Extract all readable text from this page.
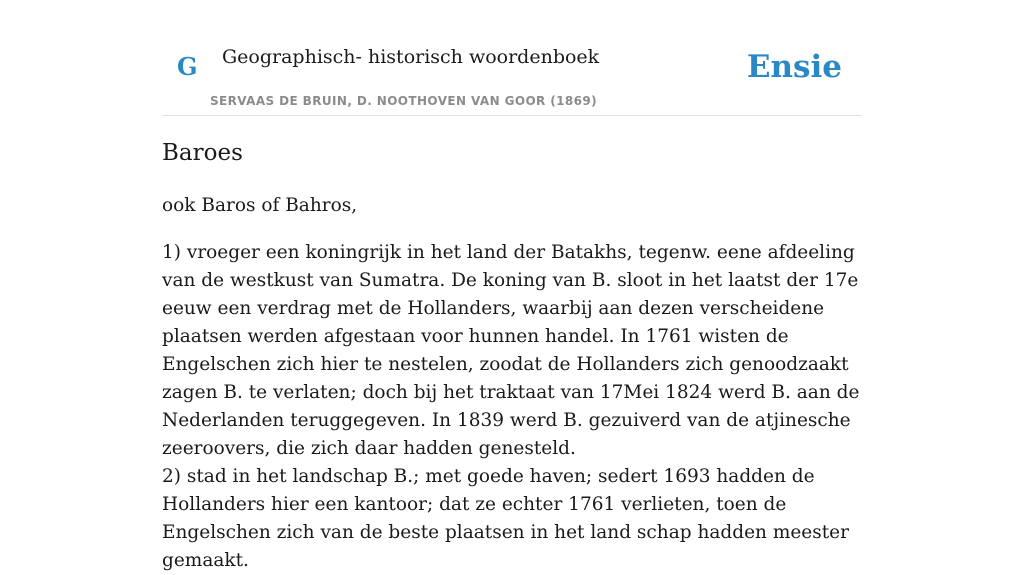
G Geographisch- historisch woordenboek
SERVAAS DE BRUIN, D. NOOTHOVEN VAN GOOR (1869)
Ensie
Baroes

ook Baros of Bahros,

1) vroeger een koningrijk in het land der Batakhs, tegenw. eene afdeeling van de westkust van Sumatra. De koning van B. sloot in het laatst der 17e eeuw een verdrag met de Hollanders, waarbij aan dezen verscheidene plaatsen werden afgestaan voor hunnen handel. In 1761 wisten de Engelschen zich hier te nestelen, zoodat de Hollanders zich genoodzaakt zagen B. te verlaten; doch bij het traktaat van 17Mei 1824 werd B. aan de Nederlanden teruggegeven. In 1839 werd B. gezuiverd van de atjinesche zeeroovers, die zich daar hadden genesteld.

2) stad in het landschap B.; met goede haven; sedert 1693 hadden de Hollanders hier een kantoor; dat ze echter 1761 verlieten, toen de Engelschen zich van de beste plaatsen in het land schap hadden meester gemaakt.
